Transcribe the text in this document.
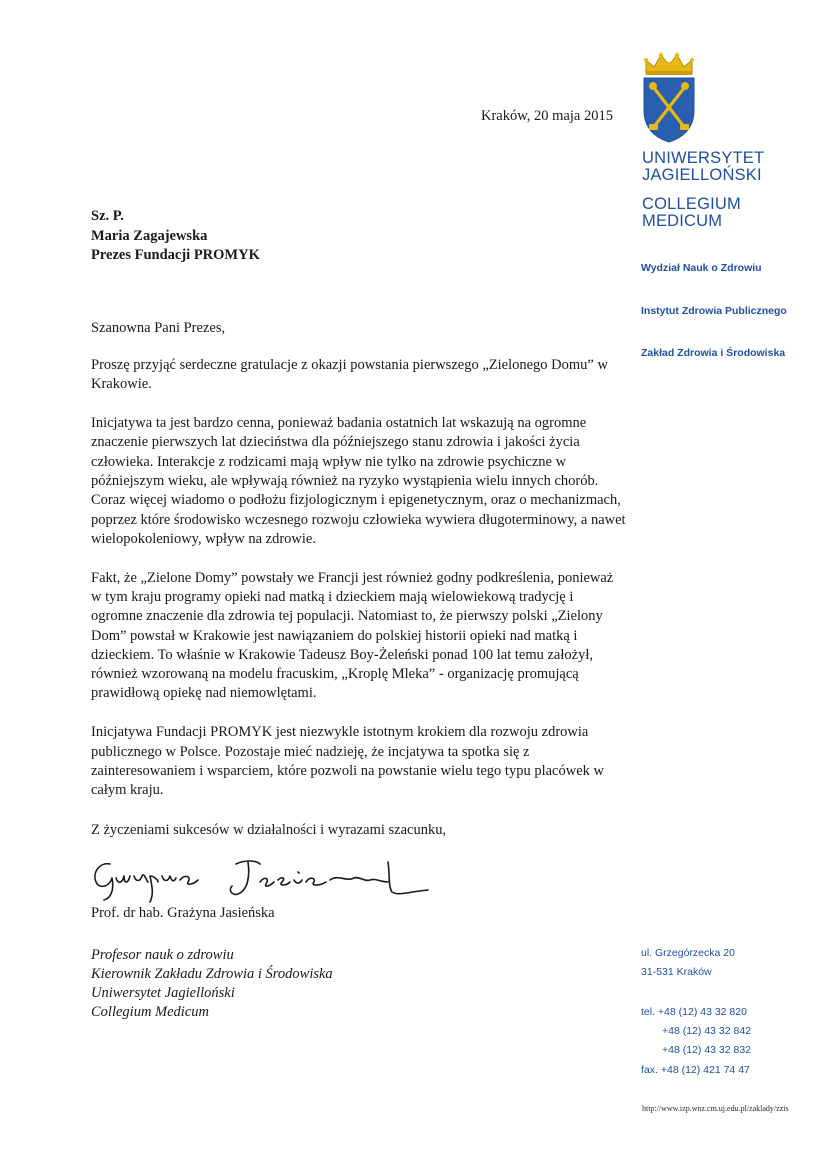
UNIWERSYTET
JAGIELLOŃSKI
COLLEGIUM
MEDICUM
Wydział Nauk o Zdrowiu
Instytut Zdrowia Publicznego
Zakład Zdrowia i Środowiska
Kraków, 20 maja 2015
Sz. P.
Maria Zagajewska
Prezes Fundacji PROMYK
Szanowna Pani Prezes,

Proszę przyjąć serdeczne gratulacje z okazji powstania pierwszego „Zielonego Domu” w Krakowie.

Inicjatywa ta jest bardzo cenna, ponieważ badania ostatnich lat wskazują na ogromne znaczenie pierwszych lat dzieciństwa dla późniejszego stanu zdrowia i jakości życia człowieka. Interakcje z rodzicami mają wpływ nie tylko na zdrowie psychiczne w późniejszym wieku, ale wpływają również na ryzyko wystąpienia wielu innych chorób. Coraz więcej wiadomo o podłożu fizjologicznym i epigenetycznym, oraz o mechanizmach, poprzez które środowisko wczesnego rozwoju człowieka wywiera długoterminowy, a nawet wielopokoleniowy, wpływ na zdrowie.

Fakt, że „Zielone Domy” powstały we Francji jest również godny podkreślenia, ponieważ w tym kraju programy opieki nad matką i dzieckiem mają wielowiekową tradycję i ogromne znaczenie dla zdrowia tej populacji. Natomiast to, że pierwszy polski „Zielony Dom” powstał w Krakowie jest nawiązaniem do polskiej historii opieki nad matką i dzieckiem. To właśnie w Krakowie Tadeusz Boy-Żeleński ponad 100 lat temu założył, również wzorowaną na modelu fracuskim, „Kroplę Mleka” - organizację promującą prawidłową opiekę nad niemowlętami.

Inicjatywa Fundacji PROMYK jest niezwykle istotnym krokiem dla rozwoju zdrowia publicznego w Polsce. Pozostaje mieć nadzieję, że incjatywa ta spotka się z zainteresowaniem i wsparciem, które pozwoli na powstanie wielu tego typu placówek w całym kraju.

Z życzeniami sukcesów w działalności i wyrazami szacunku,
Prof. dr hab. Grażyna Jasieńska
Profesor nauk o zdrowiu
Kierownik Zakładu Zdrowia i Środowiska
Uniwersytet Jagielloński
Collegium Medicum
ul. Grzegórzecka 20
31-531 Kraków
tel. +48 (12) 43 32 820
+48 (12) 43 32 842
+48 (12) 43 32 832
fax. +48 (12) 421 74 47
http://www.izp.wnz.cm.uj.edu.pl/zaklady/zzis
